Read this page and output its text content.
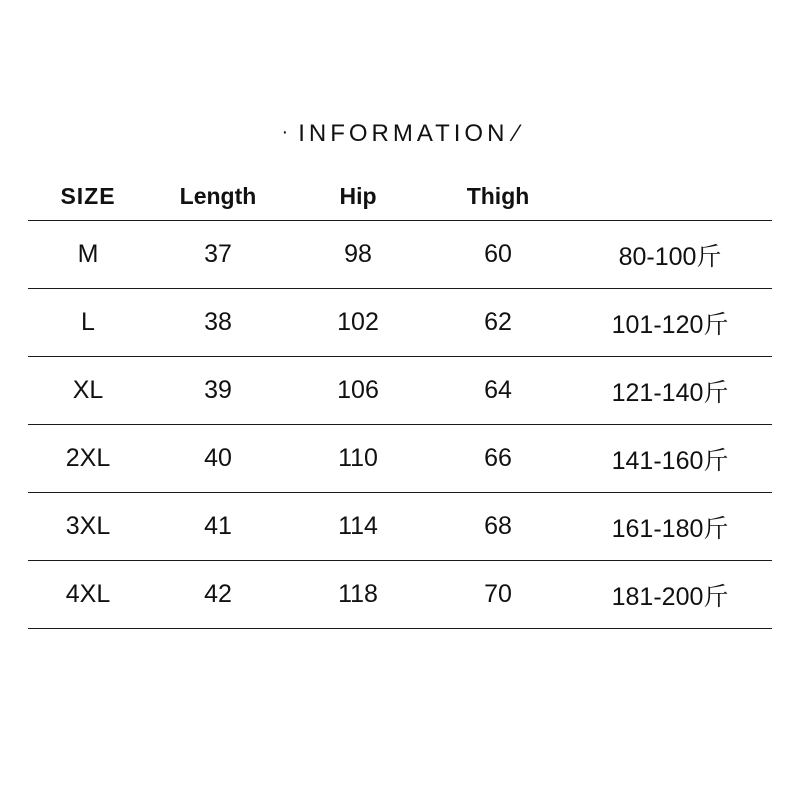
· INFORMATION ⁄
SIZE	Length	Hip	Thigh	
M	37	98	60	80-100斤
L	38	102	62	101-120斤
XL	39	106	64	121-140斤
2XL	40	110	66	141-160斤
3XL	41	114	68	161-180斤
4XL	42	118	70	181-200斤
